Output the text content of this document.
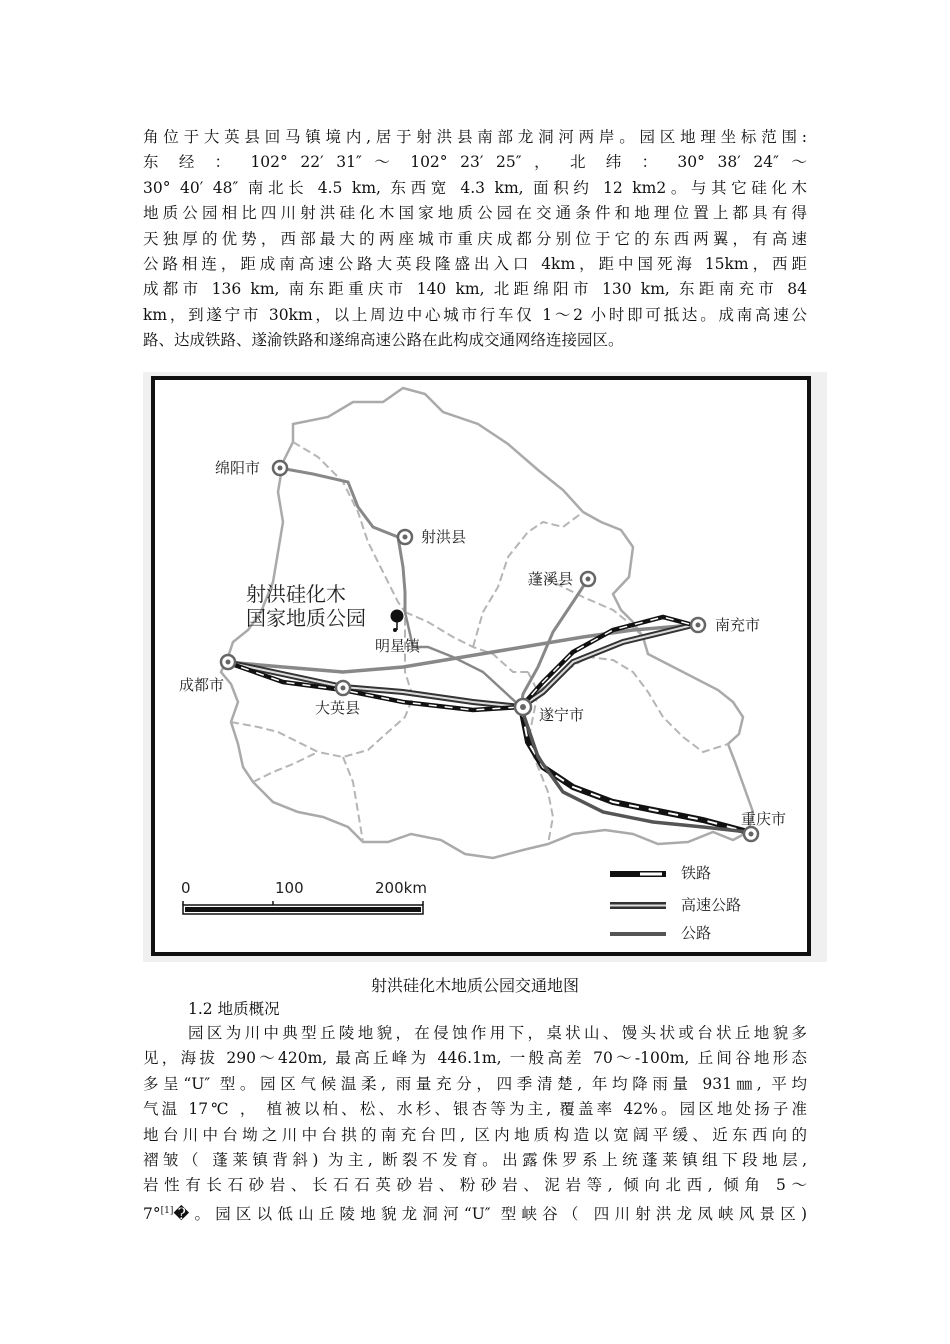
角位于大英县回马镇境内,居于射洪县南部龙洞河两岸。园区地理坐标范围:
东 经 ： 102° 22′ 31″ ～ 102° 23′ 25″ ， 北 纬 ： 30° 38′ 24″ ～
30° 40′ 48″ 南北长 4.5 km, 东西宽 4.3 km, 面积约 12 km2。与其它硅化木
地质公园相比四川射洪硅化木国家地质公园在交通条件和地理位置上都具有得
天独厚的优势，西部最大的两座城市重庆成都分别位于它的东西两翼，有高速
公路相连，距成南高速公路大英段隆盛出入口 4km，距中国死海 15km，西距
成都市 136 km, 南东距重庆市 140 km, 北距绵阳市 130 km, 东距南充市 84
km，到遂宁市 30km，以上周边中心城市行车仅 1～2 小时即可抵达。成南高速公
路、达成铁路、遂渝铁路和遂绵高速公路在此构成交通网络连接园区。
绵阳市
射洪县
蓬溪县
明星镇
南充市
成都市
大英县	遂宁市
重庆市
射洪硅化木
国家地质公园
0	100	200km
铁路
高速公路
公路
射洪硅化木地质公园交通地图
1.2 地质概况
园区为川中典型丘陵地貌，在侵蚀作用下，桌状山、馒头状或台状丘地貌多
见，海拔 290～420m, 最高丘峰为 446.1m, 一般高差 70～-100m, 丘间谷地形态
多呈“U″ 型。园区气候温柔, 雨量充分，四季清楚, 年均降雨量 931㎜, 平均
气温 17℃ ， 植被以柏、松、水杉、银杏等为主, 覆盖率 42%。园区地处扬子准
地台川中台坳之川中台拱的南充台凹, 区内地质构造以宽阔平缓、近东西向的
褶皱（ 蓬莱镇背斜) 为主, 断裂不发育。出露侏罗系上统蓬莱镇组下段地层,
岩性有长石砂岩、长石石英砂岩、粉砂岩、泥岩等, 倾向北西, 倾角 5～
7°[1]�。园区以低山丘陵地貌龙洞河“U″ 型峡谷（ 四川射洪龙凤峡风景区)
